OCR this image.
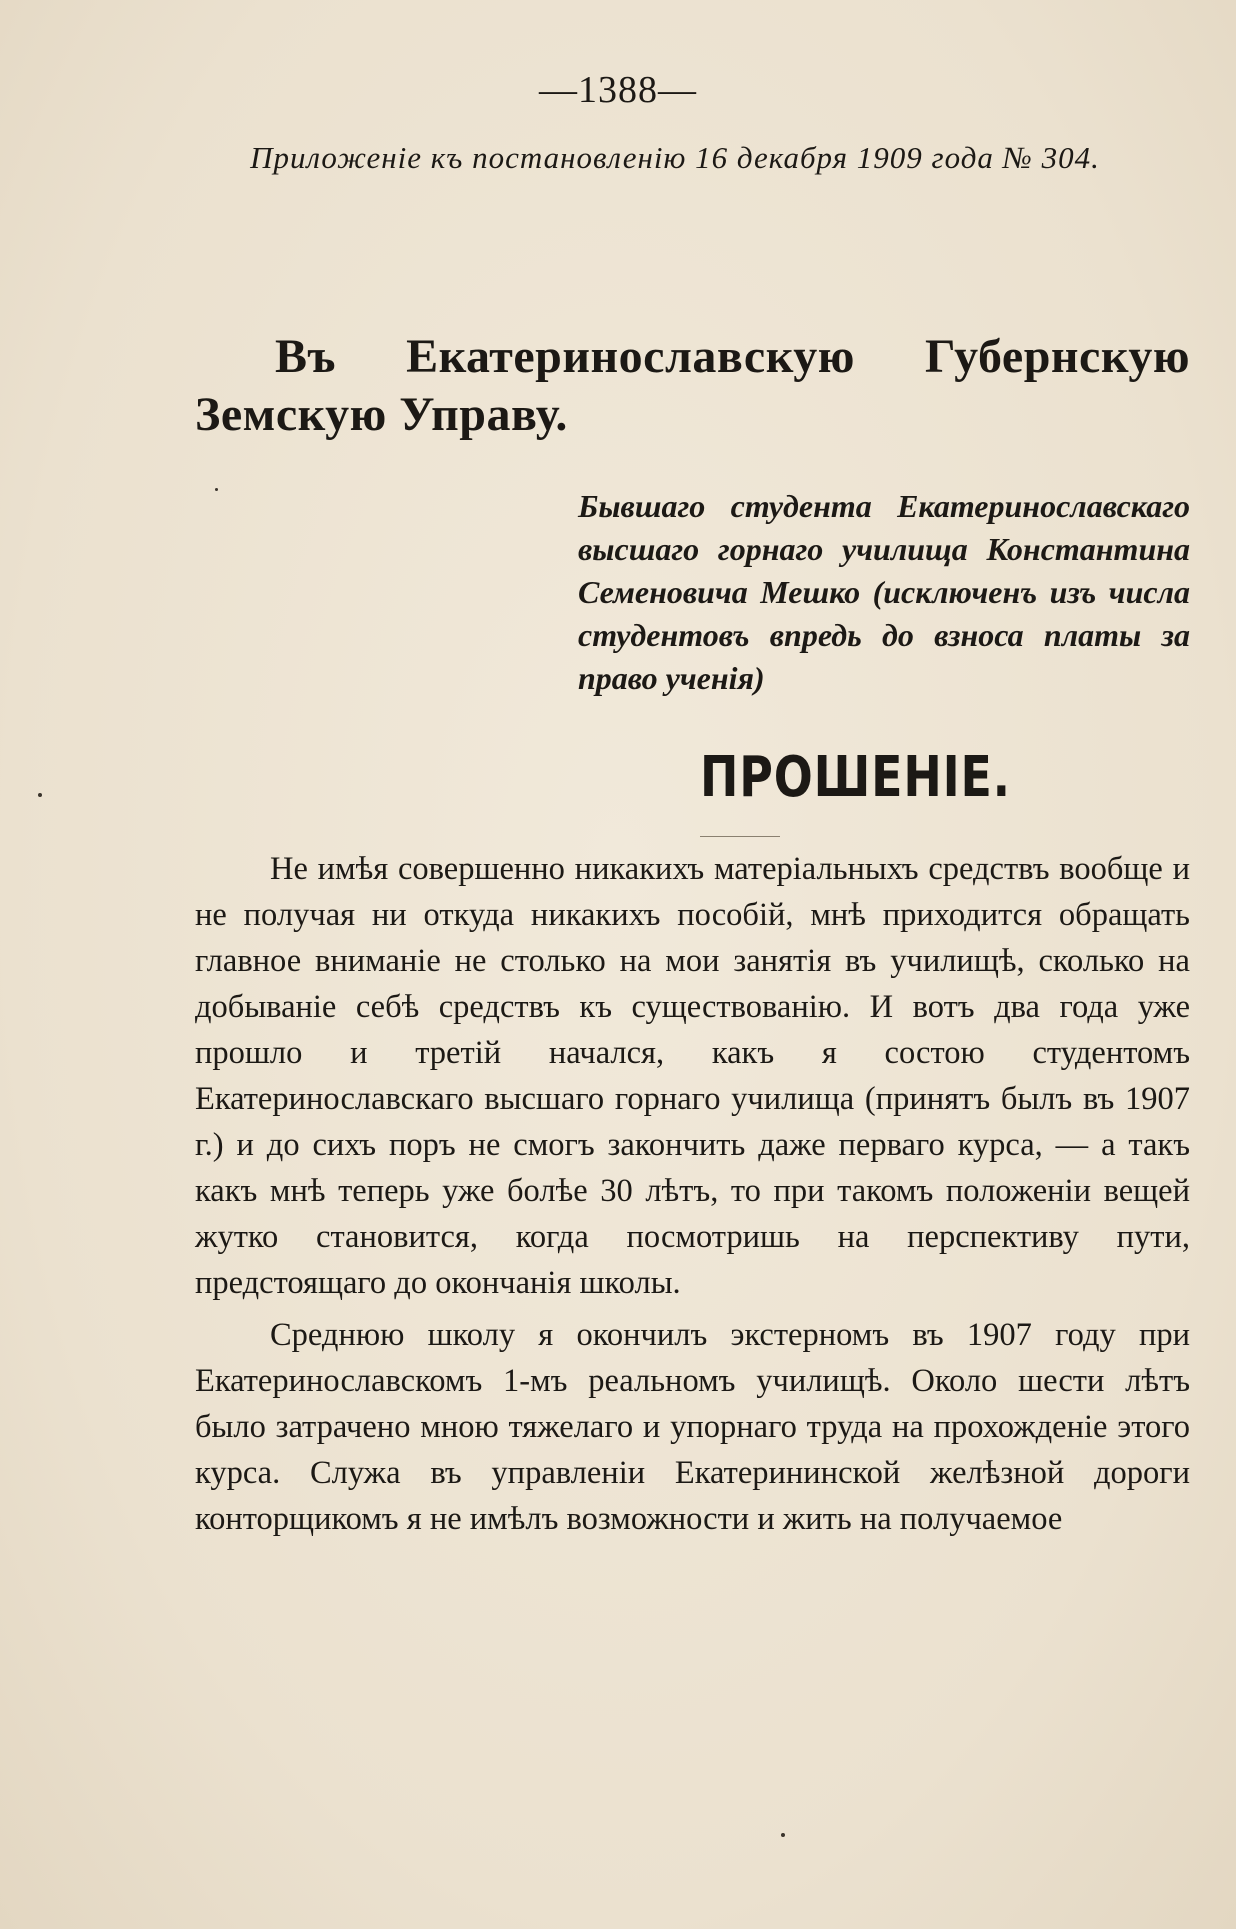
—1388—
Приложеніе къ постановленію 16 декабря 1909 года № 304.
Въ Екатеринославскую Губернскую Земскую Управу.
Бывшаго студента Екатеринославскаго высшаго горнаго училища Константина Семеновича Мешко (исключенъ изъ числа студентовъ впредь до взноса платы за право ученія)
ПРОШЕНІЕ.

Не имѣя совершенно никакихъ матеріальныхъ средствъ вообще и не получая ни откуда никакихъ пособій, мнѣ приходится обращать главное вниманіе не столько на мои занятія въ училищѣ, сколько на добываніе себѣ средствъ къ существованію. И вотъ два года уже прошло и третій начался, какъ я состою студентомъ Екатеринославскаго высшаго горнаго училища (принятъ былъ въ 1907 г.) и до сихъ поръ не смогъ закончить даже перваго курса, — а такъ какъ мнѣ теперь уже болѣе 30 лѣтъ, то при такомъ положеніи вещей жутко становится, когда посмотришь на перспективу пути, предстоящаго до окончанія школы.

Среднюю школу я окончилъ экстерномъ въ 1907 году при Екатеринославскомъ 1-мъ реальномъ училищѣ. Около шести лѣтъ было затрачено мною тяжелаго и упорнаго труда на прохожденіе этого курса. Служа въ управленіи Екатерининской желѣзной дороги конторщикомъ я не имѣлъ возможности и жить на получаемое
